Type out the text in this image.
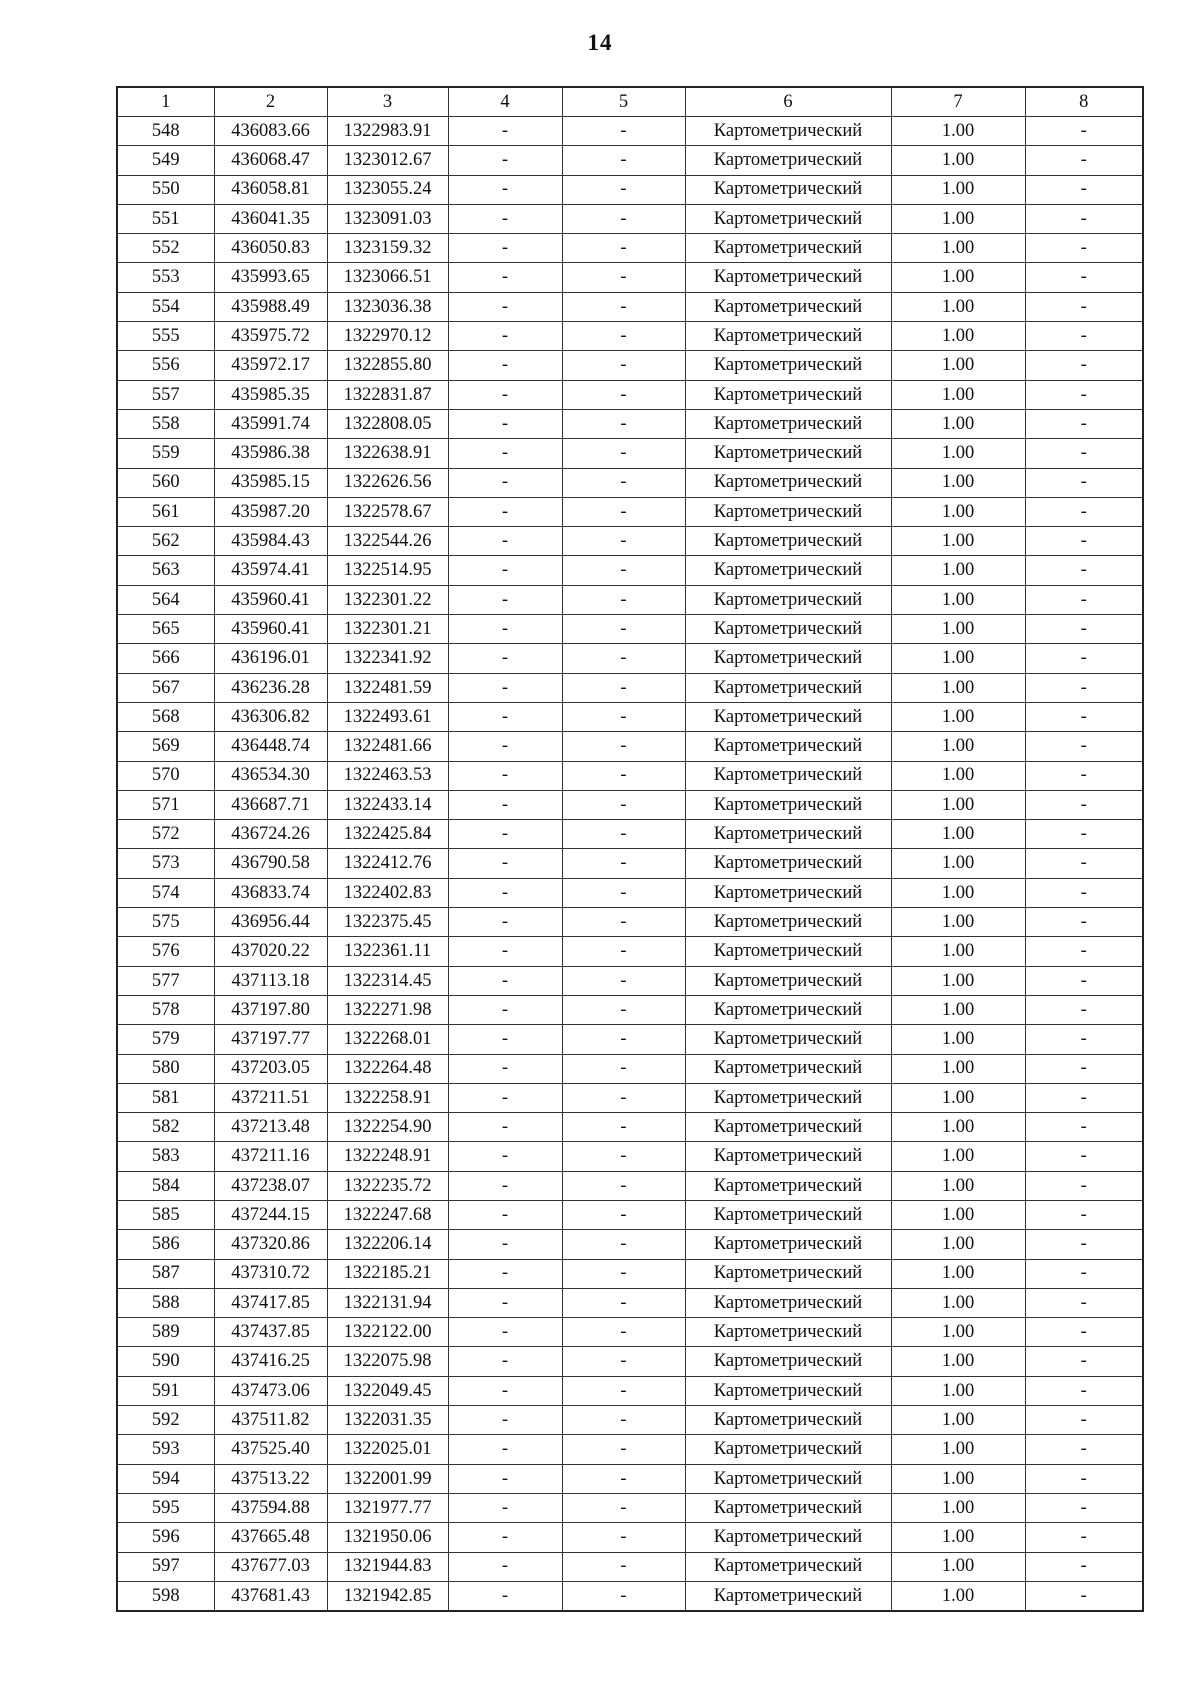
14
1	2	3	4	5	6	7	8
548	436083.66	1322983.91	-	-	Картометрический	1.00	-
549	436068.47	1323012.67	-	-	Картометрический	1.00	-
550	436058.81	1323055.24	-	-	Картометрический	1.00	-
551	436041.35	1323091.03	-	-	Картометрический	1.00	-
552	436050.83	1323159.32	-	-	Картометрический	1.00	-
553	435993.65	1323066.51	-	-	Картометрический	1.00	-
554	435988.49	1323036.38	-	-	Картометрический	1.00	-
555	435975.72	1322970.12	-	-	Картометрический	1.00	-
556	435972.17	1322855.80	-	-	Картометрический	1.00	-
557	435985.35	1322831.87	-	-	Картометрический	1.00	-
558	435991.74	1322808.05	-	-	Картометрический	1.00	-
559	435986.38	1322638.91	-	-	Картометрический	1.00	-
560	435985.15	1322626.56	-	-	Картометрический	1.00	-
561	435987.20	1322578.67	-	-	Картометрический	1.00	-
562	435984.43	1322544.26	-	-	Картометрический	1.00	-
563	435974.41	1322514.95	-	-	Картометрический	1.00	-
564	435960.41	1322301.22	-	-	Картометрический	1.00	-
565	435960.41	1322301.21	-	-	Картометрический	1.00	-
566	436196.01	1322341.92	-	-	Картометрический	1.00	-
567	436236.28	1322481.59	-	-	Картометрический	1.00	-
568	436306.82	1322493.61	-	-	Картометрический	1.00	-
569	436448.74	1322481.66	-	-	Картометрический	1.00	-
570	436534.30	1322463.53	-	-	Картометрический	1.00	-
571	436687.71	1322433.14	-	-	Картометрический	1.00	-
572	436724.26	1322425.84	-	-	Картометрический	1.00	-
573	436790.58	1322412.76	-	-	Картометрический	1.00	-
574	436833.74	1322402.83	-	-	Картометрический	1.00	-
575	436956.44	1322375.45	-	-	Картометрический	1.00	-
576	437020.22	1322361.11	-	-	Картометрический	1.00	-
577	437113.18	1322314.45	-	-	Картометрический	1.00	-
578	437197.80	1322271.98	-	-	Картометрический	1.00	-
579	437197.77	1322268.01	-	-	Картометрический	1.00	-
580	437203.05	1322264.48	-	-	Картометрический	1.00	-
581	437211.51	1322258.91	-	-	Картометрический	1.00	-
582	437213.48	1322254.90	-	-	Картометрический	1.00	-
583	437211.16	1322248.91	-	-	Картометрический	1.00	-
584	437238.07	1322235.72	-	-	Картометрический	1.00	-
585	437244.15	1322247.68	-	-	Картометрический	1.00	-
586	437320.86	1322206.14	-	-	Картометрический	1.00	-
587	437310.72	1322185.21	-	-	Картометрический	1.00	-
588	437417.85	1322131.94	-	-	Картометрический	1.00	-
589	437437.85	1322122.00	-	-	Картометрический	1.00	-
590	437416.25	1322075.98	-	-	Картометрический	1.00	-
591	437473.06	1322049.45	-	-	Картометрический	1.00	-
592	437511.82	1322031.35	-	-	Картометрический	1.00	-
593	437525.40	1322025.01	-	-	Картометрический	1.00	-
594	437513.22	1322001.99	-	-	Картометрический	1.00	-
595	437594.88	1321977.77	-	-	Картометрический	1.00	-
596	437665.48	1321950.06	-	-	Картометрический	1.00	-
597	437677.03	1321944.83	-	-	Картометрический	1.00	-
598	437681.43	1321942.85	-	-	Картометрический	1.00	-
